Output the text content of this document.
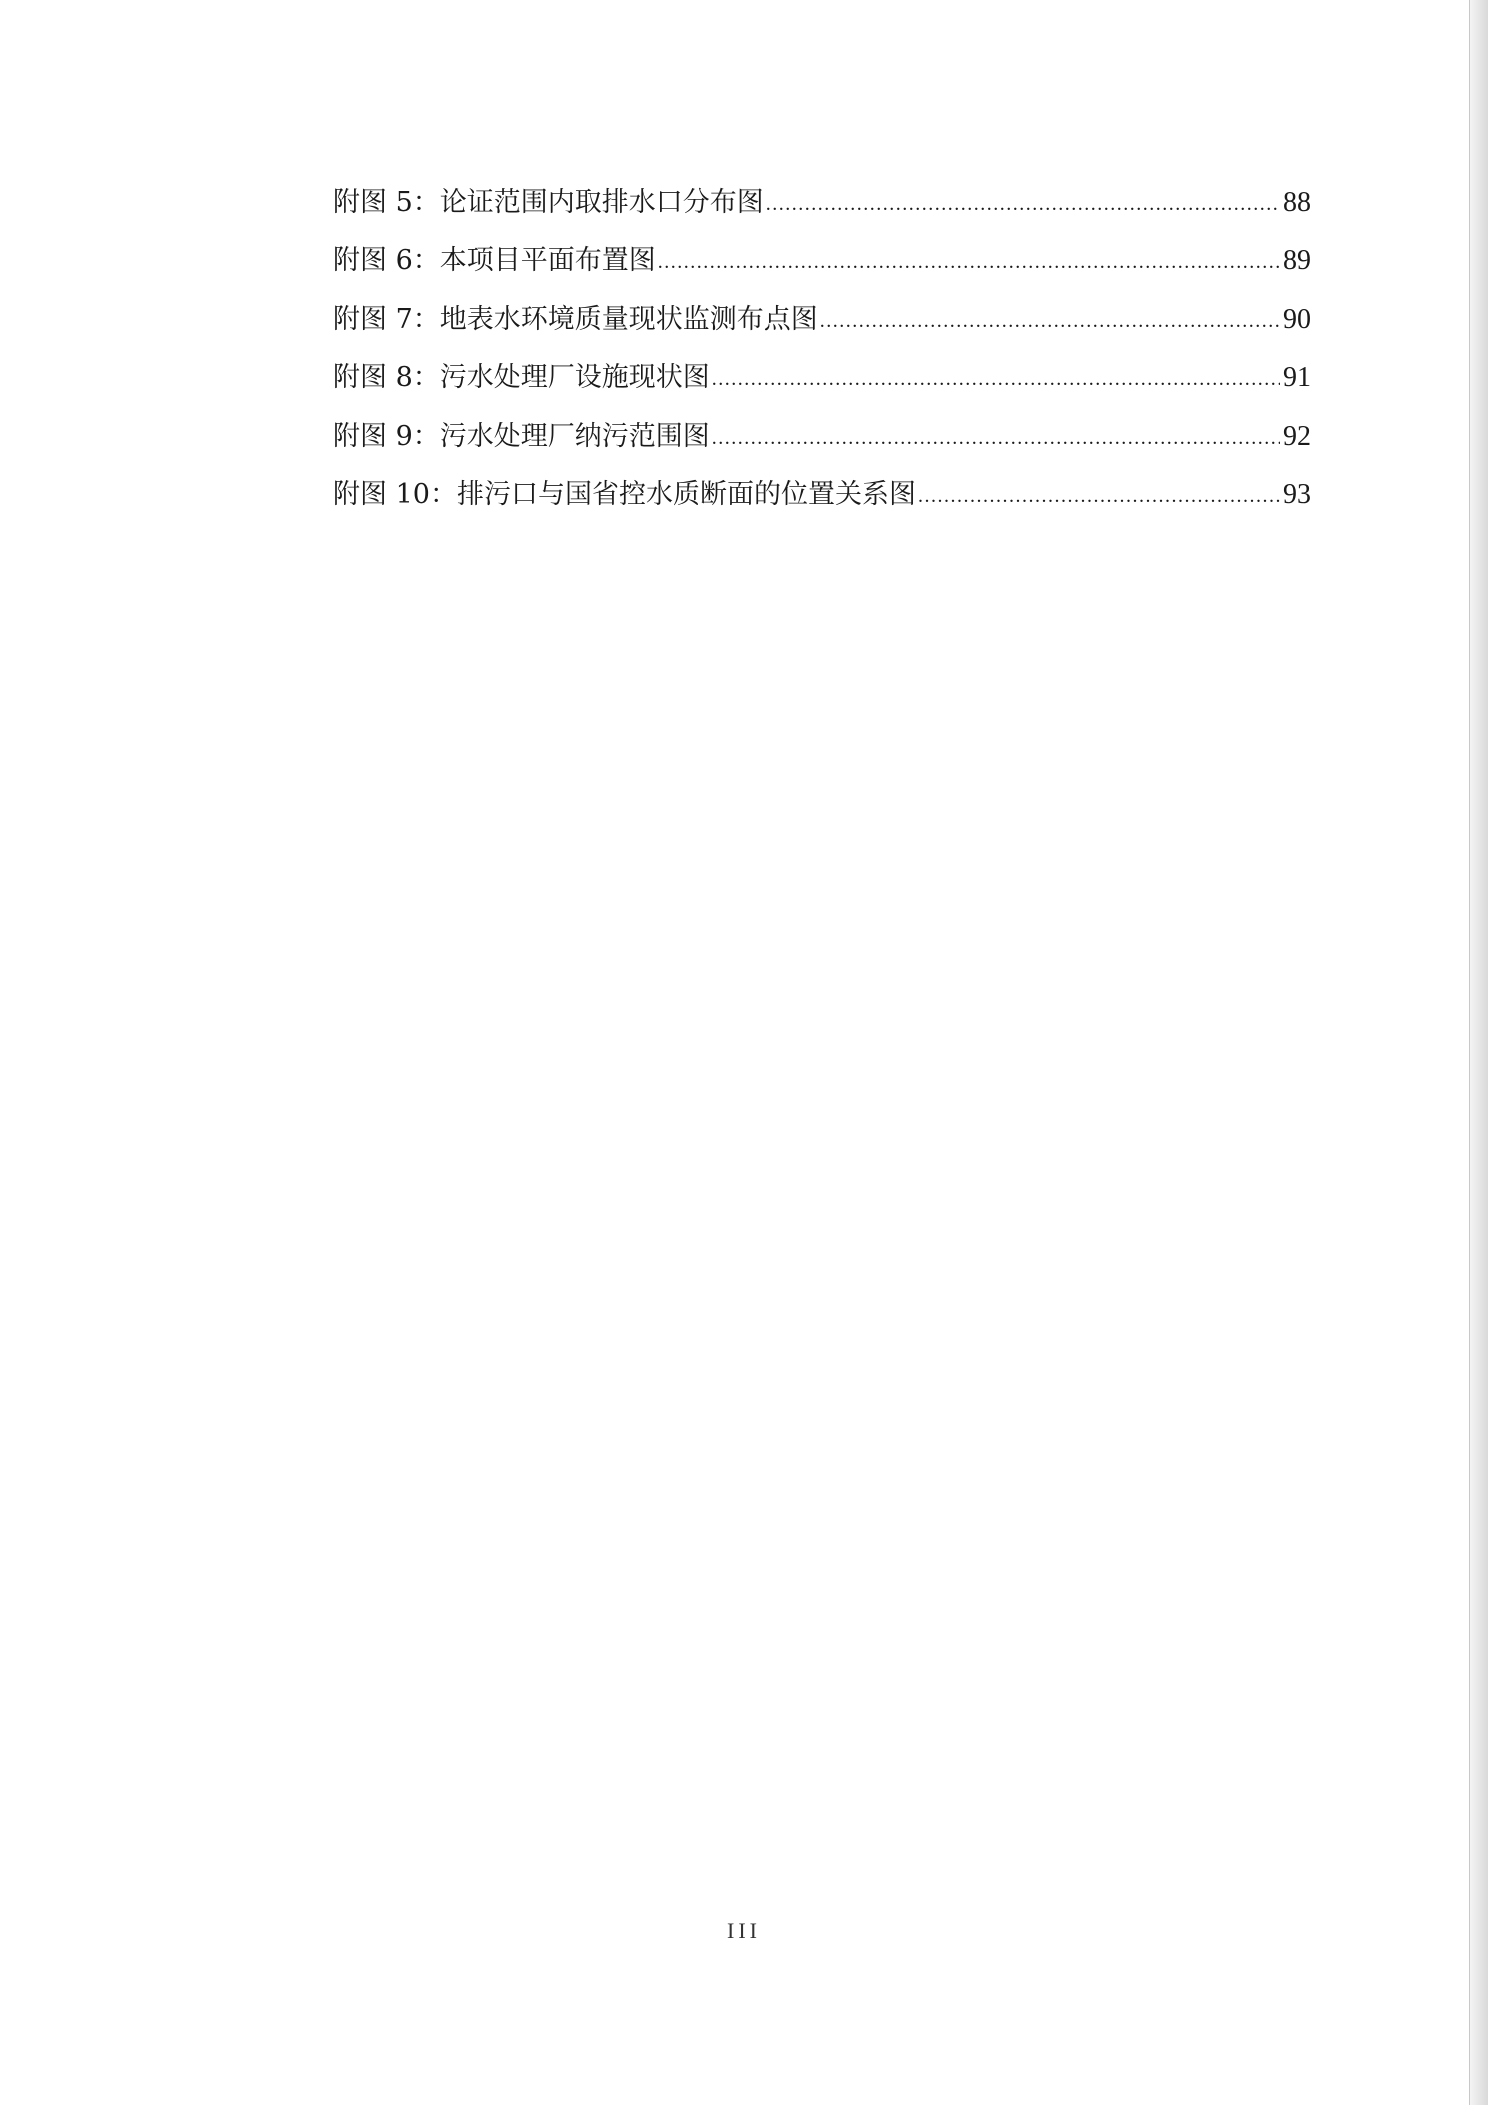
附图 5：论证范围内取排水口分布图 .....	88
附图 6：本项目平面布置图 .....	89
附图 7：地表水环境质量现状监测布点图 .....	90
附图 8：污水处理厂设施现状图 .....	91
附图 9：污水处理厂纳污范围图 .....	92
附图 10：排污口与国省控水质断面的位置关系图 .....	93
III
